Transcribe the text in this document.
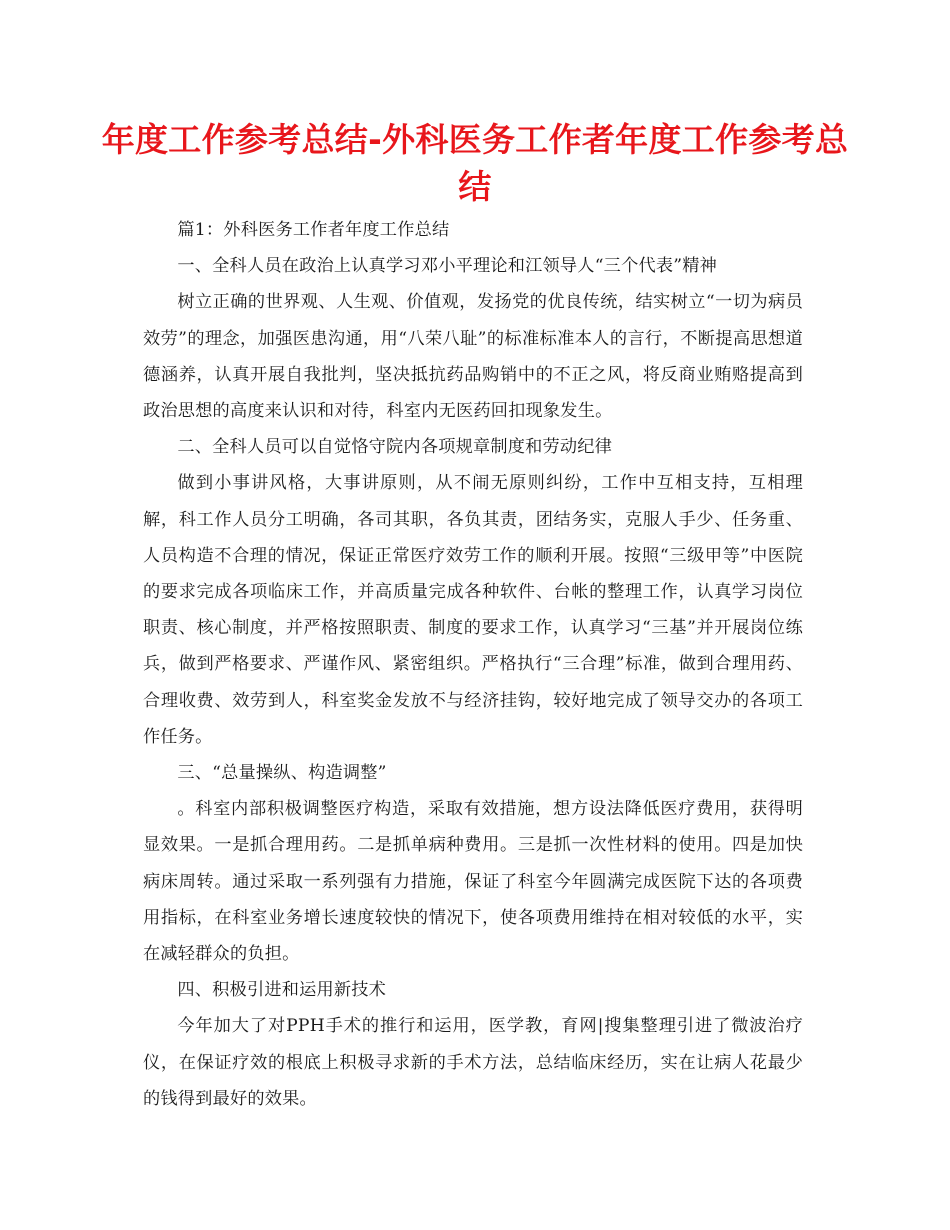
年度工作参考总结-外科医务工作者年度工作参考总结

篇1：外科医务工作者年度工作总结

一、全科人员在政治上认真学习邓小平理论和江领导人“三个代表”精神

树立正确的世界观、人生观、价值观，发扬党的优良传统，结实树立“一切为病员效劳”的理念，加强医患沟通，用“八荣八耻”的标准标准本人的言行，不断提高思想道德涵养，认真开展自我批判，坚决抵抗药品购销中的不正之风，将反商业贿赂提高到政治思想的高度来认识和对待，科室内无医药回扣现象发生。

二、全科人员可以自觉恪守院内各项规章制度和劳动纪律

做到小事讲风格，大事讲原则，从不闹无原则纠纷，工作中互相支持，互相理解，科工作人员分工明确，各司其职，各负其责，团结务实，克服人手少、任务重、人员构造不合理的情况，保证正常医疗效劳工作的顺利开展。按照“三级甲等”中医院的要求完成各项临床工作，并高质量完成各种软件、台帐的整理工作，认真学习岗位职责、核心制度，并严格按照职责、制度的要求工作，认真学习“三基”并开展岗位练兵，做到严格要求、严谨作风、紧密组织。严格执行“三合理”标准，做到合理用药、合理收费、效劳到人，科室奖金发放不与经济挂钩，较好地完成了领导交办的各项工作任务。

三、“总量操纵、构造调整”

。科室内部积极调整医疗构造，采取有效措施，想方设法降低医疗费用，获得明显效果。一是抓合理用药。二是抓单病种费用。三是抓一次性材料的使用。四是加快病床周转。通过采取一系列强有力措施，保证了科室今年圆满完成医院下达的各项费用指标，在科室业务增长速度较快的情况下，使各项费用维持在相对较低的水平，实在减轻群众的负担。

四、积极引进和运用新技术

今年加大了对PPH手术的推行和运用，医学教，育网|搜集整理引进了微波治疗仪，在保证疗效的根底上积极寻求新的手术方法，总结临床经历，实在让病人花最少的钱得到最好的效果。
